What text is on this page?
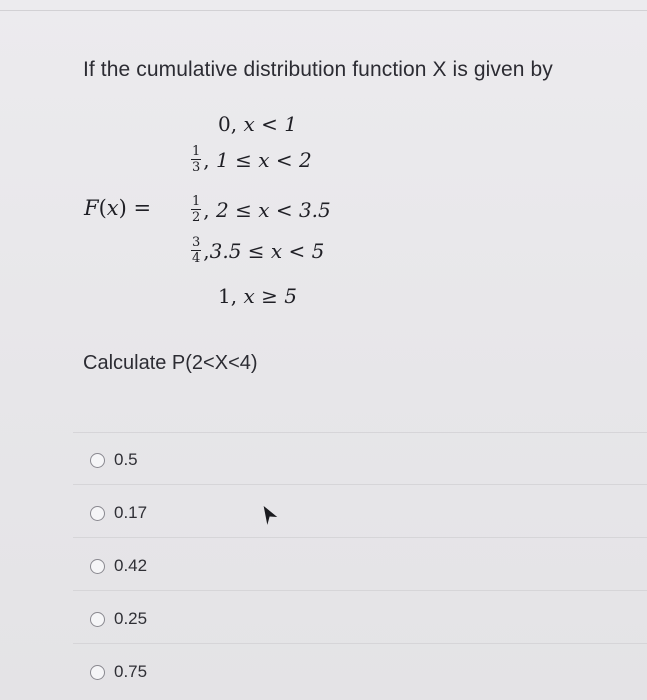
If the cumulative distribution function X is given by
F(x) =
0 , x < 1
$\frac{1}{3}$ , 1 ≤ x < 2
$\frac{1}{2}$ , 2 ≤ x < 3.5
$\frac{3}{4}$ , 3.5 ≤ x < 5
1 , x ≥ 5
Calculate P(2<X<4)
0.5
0.17
0.42
0.25
0.75
